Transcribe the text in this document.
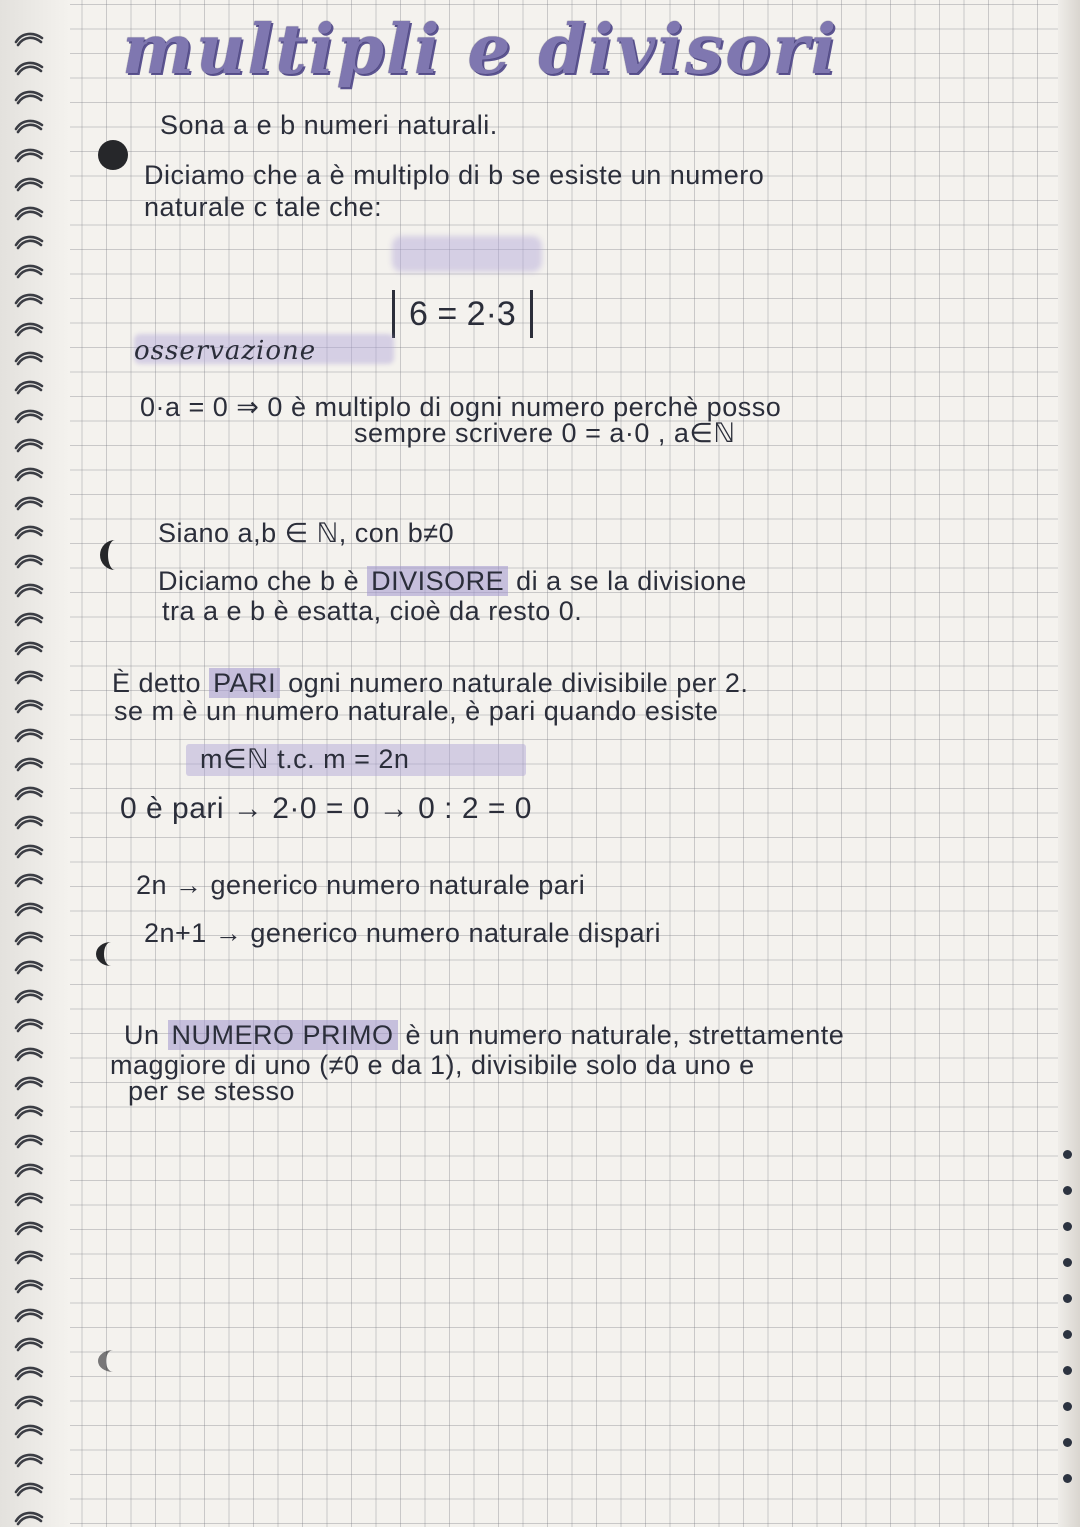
multipli e divisori
Sona a e b numeri naturali.
Diciamo che a è multiplo di b se esiste un numero
naturale c tale che:
6 = 2·3
osservazione
0·a = 0 ⇒ 0 è multiplo di ogni numero perchè posso
sempre scrivere 0 = a·0 , a∈ℕ
Siano a,b ∈ ℕ, con b≠0
Diciamo che b è DIVISORE di a se la divisione
tra a e b è esatta, cioè da resto 0.
È detto PARI ogni numero naturale divisibile per 2.
se m è un numero naturale, è pari quando esiste
m∈ℕ t.c. m = 2n
0 è pari → 2·0 = 0 → 0 : 2 = 0
2n → generico numero naturale pari
2n+1 → generico numero naturale dispari
Un NUMERO PRIMO è un numero naturale, strettamente
maggiore di uno (≠0 e da 1), divisibile solo da uno e
per se stesso
